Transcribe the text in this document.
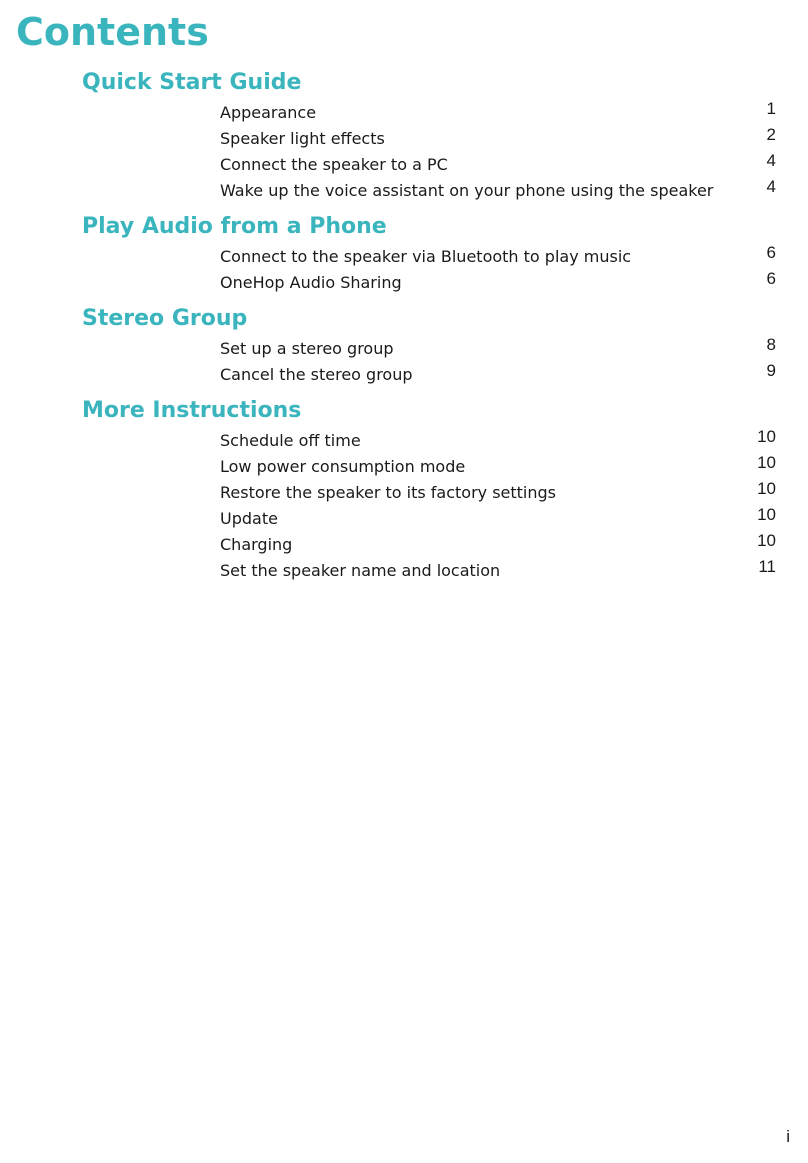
Contents
Quick Start Guide
Appearance	1
Speaker light effects	2
Connect the speaker to a PC	4
Wake up the voice assistant on your phone using the speaker	4
Play Audio from a Phone
Connect to the speaker via Bluetooth to play music	6
OneHop Audio Sharing	6
Stereo Group
Set up a stereo group	8
Cancel the stereo group	9
More Instructions
Schedule off time	10
Low power consumption mode	10
Restore the speaker to its factory settings	10
Update	10
Charging	10
Set the speaker name and location	11
i
